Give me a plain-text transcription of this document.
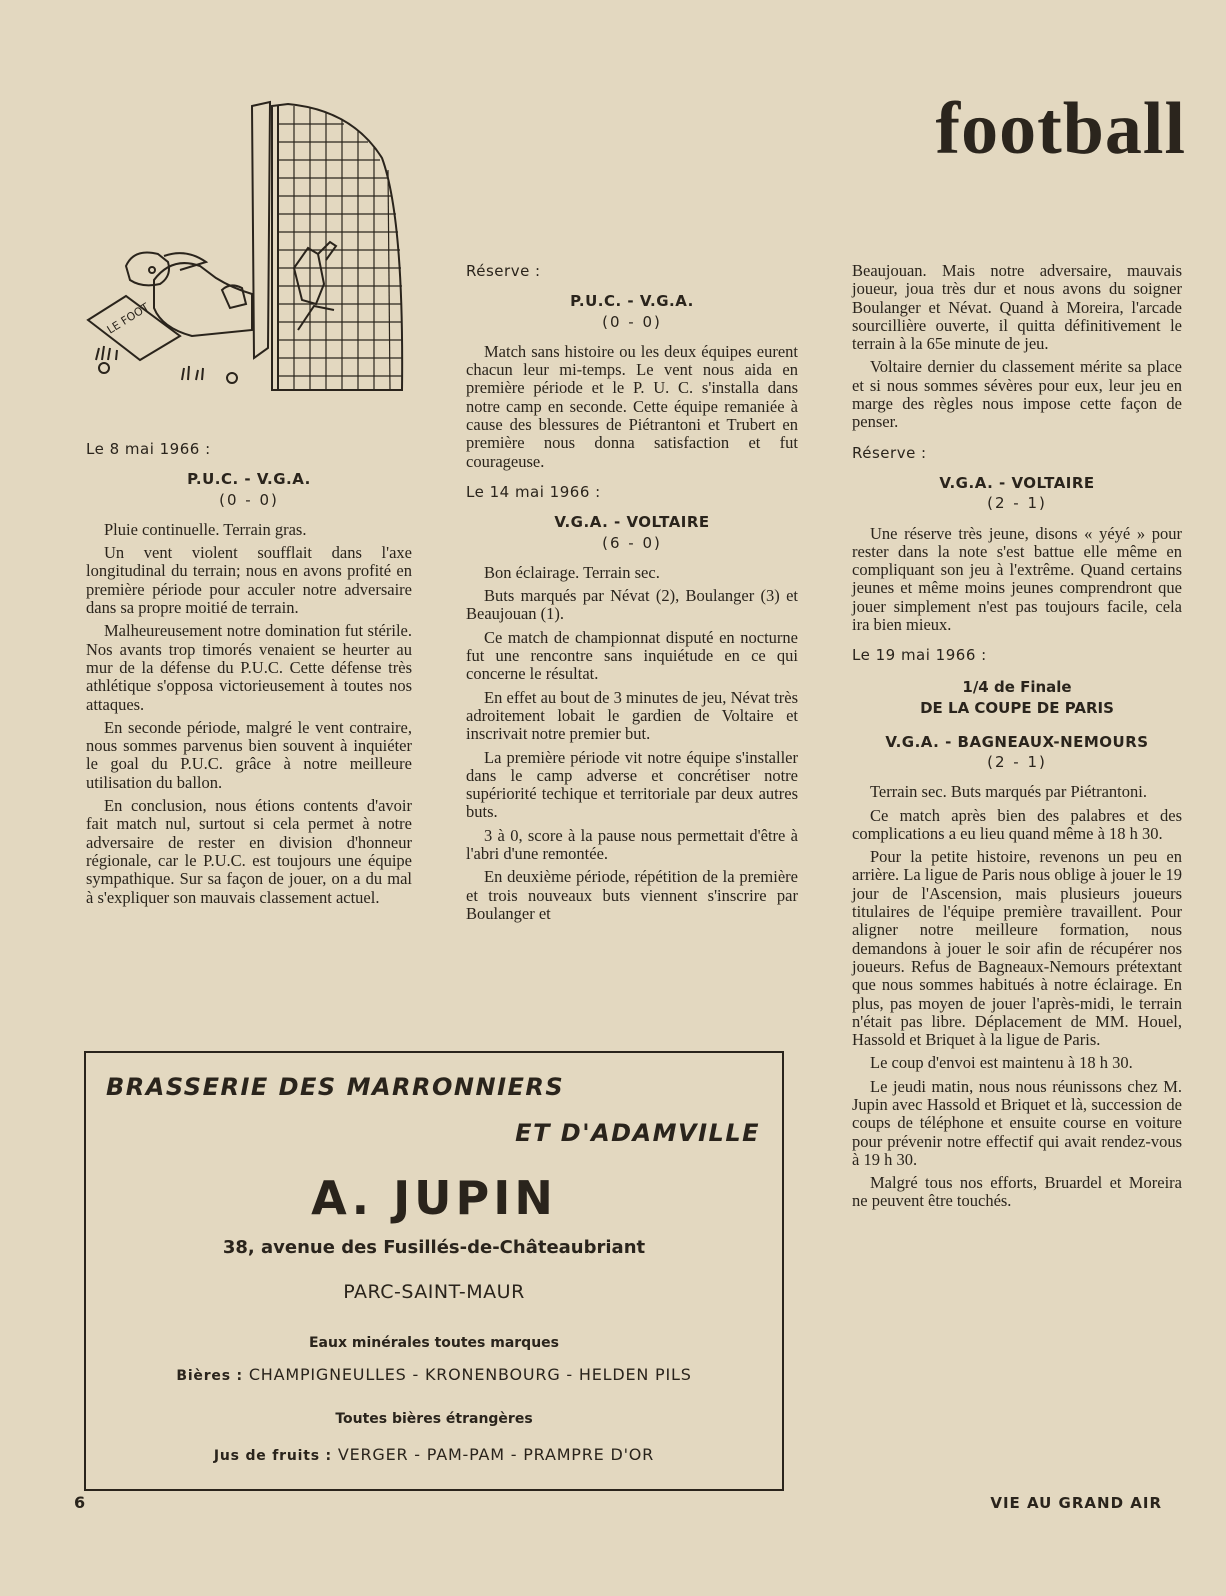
football
LE FOOT
Le 8 mai 1966 :
P.U.C. - V.G.A.
(0 - 0)

Pluie continuelle. Terrain gras.

Un vent violent soufflait dans l'axe longitudinal du terrain; nous en avons profité en première période pour acculer notre adversaire dans sa propre moitié de terrain.

Malheureusement notre domination fut stérile. Nos avants trop timorés venaient se heurter au mur de la défense du P.U.C. Cette défense très athlétique s'opposa victorieusement à toutes nos attaques.

En seconde période, malgré le vent contraire, nous sommes parvenus bien souvent à inquiéter le goal du P.U.C. grâce à notre meilleure utilisation du ballon.

En conclusion, nous étions contents d'avoir fait match nul, surtout si cela permet à notre adversaire de rester en division d'honneur régionale, car le P.U.C. est toujours une équipe sympathique. Sur sa façon de jouer, on a du mal à s'expliquer son mauvais classement actuel.

Réserve :
P.U.C. - V.G.A.
(0 - 0)

Match sans histoire ou les deux équipes eurent chacun leur mi-temps. Le vent nous aida en première période et le P. U. C. s'installa dans notre camp en seconde. Cette équipe remaniée à cause des blessures de Piétrantoni et Trubert en première nous donna satisfaction et fut courageuse.

Le 14 mai 1966 :
V.G.A. - VOLTAIRE
(6 - 0)

Bon éclairage. Terrain sec.

Buts marqués par Névat (2), Boulanger (3) et Beaujouan (1).

Ce match de championnat disputé en nocturne fut une rencontre sans inquiétude en ce qui concerne le résultat.

En effet au bout de 3 minutes de jeu, Névat très adroitement lobait le gardien de Voltaire et inscrivait notre premier but.

La première période vit notre équipe s'installer dans le camp adverse et concrétiser notre supériorité techique et territoriale par deux autres buts.

3 à 0, score à la pause nous permettait d'être à l'abri d'une remontée.

En deuxième période, répétition de la première et trois nouveaux buts viennent s'inscrire par Boulanger et

Beaujouan. Mais notre adversaire, mauvais joueur, joua très dur et nous avons du soigner Boulanger et Névat. Quand à Moreira, l'arcade sourcillière ouverte, il quitta définitivement le terrain à la 65e minute de jeu.

Voltaire dernier du classement mérite sa place et si nous sommes sévères pour eux, leur jeu en marge des règles nous impose cette façon de penser.

Réserve :
V.G.A. - VOLTAIRE
(2 - 1)

Une réserve très jeune, disons « yéyé » pour rester dans la note s'est battue elle même en compliquant son jeu à l'extrême. Quand certains jeunes et même moins jeunes comprendront que jouer simplement n'est pas toujours facile, cela ira bien mieux.

Le 19 mai 1966 :
1/4 de Finale
DE LA COUPE DE PARIS
V.G.A. - BAGNEAUX-NEMOURS
(2 - 1)

Terrain sec. Buts marqués par Piétrantoni.

Ce match après bien des palabres et des complications a eu lieu quand même à 18 h 30.

Pour la petite histoire, revenons un peu en arrière. La ligue de Paris nous oblige à jouer le 19 jour de l'Ascension, mais plusieurs joueurs titulaires de l'équipe première travaillent. Pour aligner notre meilleure formation, nous demandons à jouer le soir afin de récupérer nos joueurs. Refus de Bagneaux-Nemours prétextant que nous sommes habitués à notre éclairage. En plus, pas moyen de jouer l'après-midi, le terrain n'était pas libre. Déplacement de MM. Houel, Hassold et Briquet à la ligue de Paris.

Le coup d'envoi est maintenu à 18 h 30.

Le jeudi matin, nous nous réunissons chez M. Jupin avec Hassold et Briquet et là, succession de coups de téléphone et ensuite course en voiture pour prévenir notre effectif qui avait rendez-vous à 19 h 30.

Malgré tous nos efforts, Bruardel et Moreira ne peuvent être touchés.

BRASSERIE DES MARRONNIERS
ET D'ADAMVILLE
A. JUPIN
38, avenue des Fusillés-de-Châteaubriant
PARC-SAINT-MAUR
Eaux minérales toutes marques
Bières : CHAMPIGNEULLES - KRONENBOURG - HELDEN PILS
Toutes bières étrangères
Jus de fruits : VERGER - PAM-PAM - PRAMPRE D'OR
6	VIE AU GRAND AIR
